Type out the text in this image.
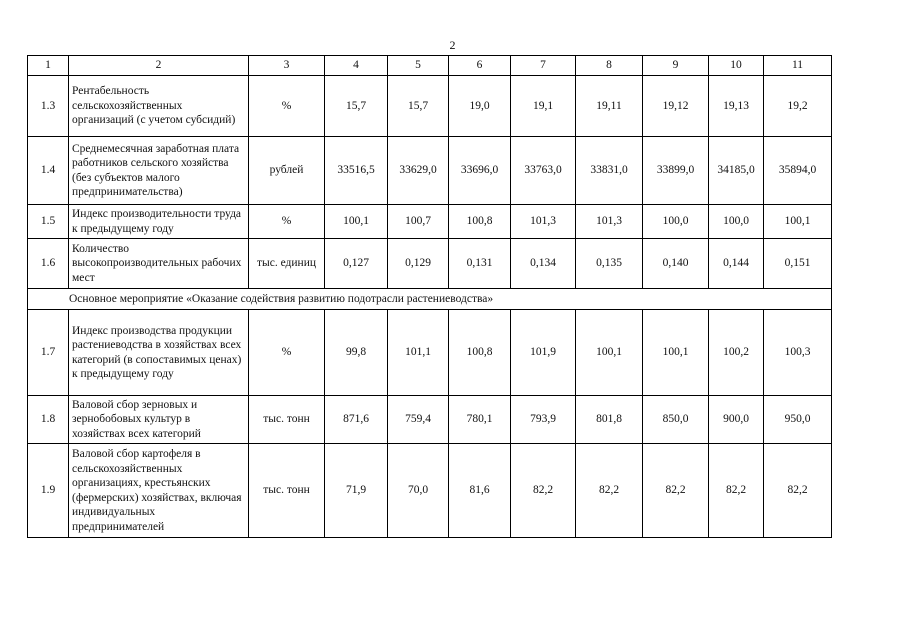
2
1	2	3	4	5	6	7	8	9	10	11
1.3	Рентабельность сельскохозяйственных организаций (с учетом субсидий)	%	15,7	15,7	19,0	19,1	19,11	19,12	19,13	19,2
1.4	Среднемесячная заработная плата работников сельского хозяйства (без субъектов малого предпринимательства)	рублей	33516,5	33629,0	33696,0	33763,0	33831,0	33899,0	34185,0	35894,0
1.5	Индекс производительности труда к предыдущему году	%	100,1	100,7	100,8	101,3	101,3	100,0	100,0	100,1
1.6	Количество высокопроизводительных рабочих мест	тыс. единиц	0,127	0,129	0,131	0,134	0,135	0,140	0,144	0,151
Основное мероприятие «Оказание содействия развитию подотрасли растениеводства»										
1.7	Индекс производства продукции растениеводства в хозяйствах всех категорий (в сопоставимых ценах) к предыдущему году	%	99,8	101,1	100,8	101,9	100,1	100,1	100,2	100,3
1.8	Валовой сбор зерновых и зернобобовых культур в хозяйствах всех категорий	тыс. тонн	871,6	759,4	780,1	793,9	801,8	850,0	900,0	950,0
1.9	Валовой сбор картофеля в сельскохозяйственных организациях, крестьянских (фермерских) хозяйствах, включая индивидуальных предпринимателей	тыс. тонн	71,9	70,0	81,6	82,2	82,2	82,2	82,2	82,2
